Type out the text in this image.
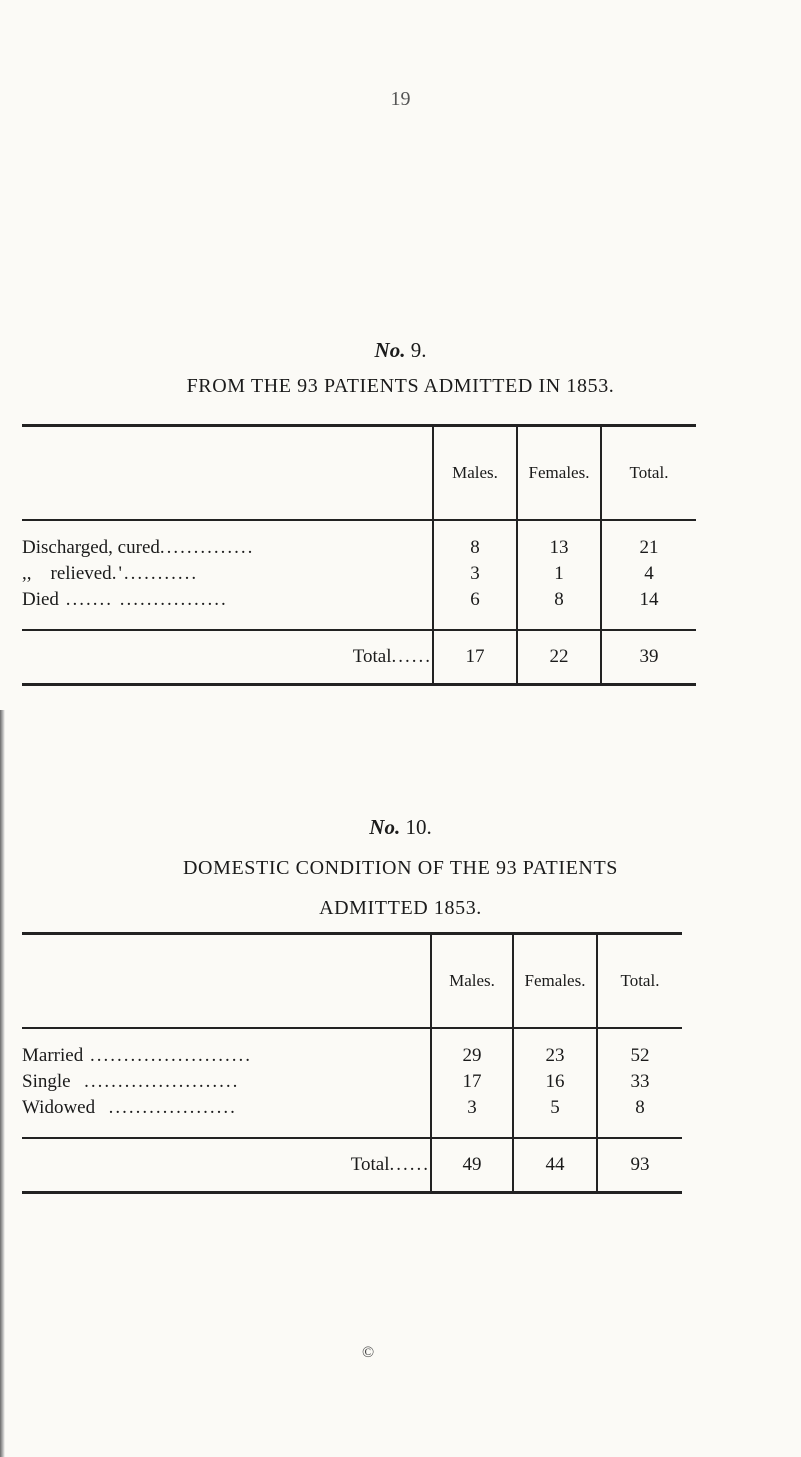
19
No. 9.
FROM THE 93 PATIENTS ADMITTED IN 1853.
	Males.	Females.	Total.
Discharged, cured..............	8	13	21
,,    relieved.'...........	3	1	4
Died ....... ................	6	8	14
Total......	17	22	39
No. 10.
DOMESTIC CONDITION OF THE 93 PATIENTS
ADMITTED 1853.
	Males.	Females.	Total.
Married ........................	29	23	52
Single  .......................	17	16	33
Widowed  ...................	3	5	8
Total......	49	44	93
©
